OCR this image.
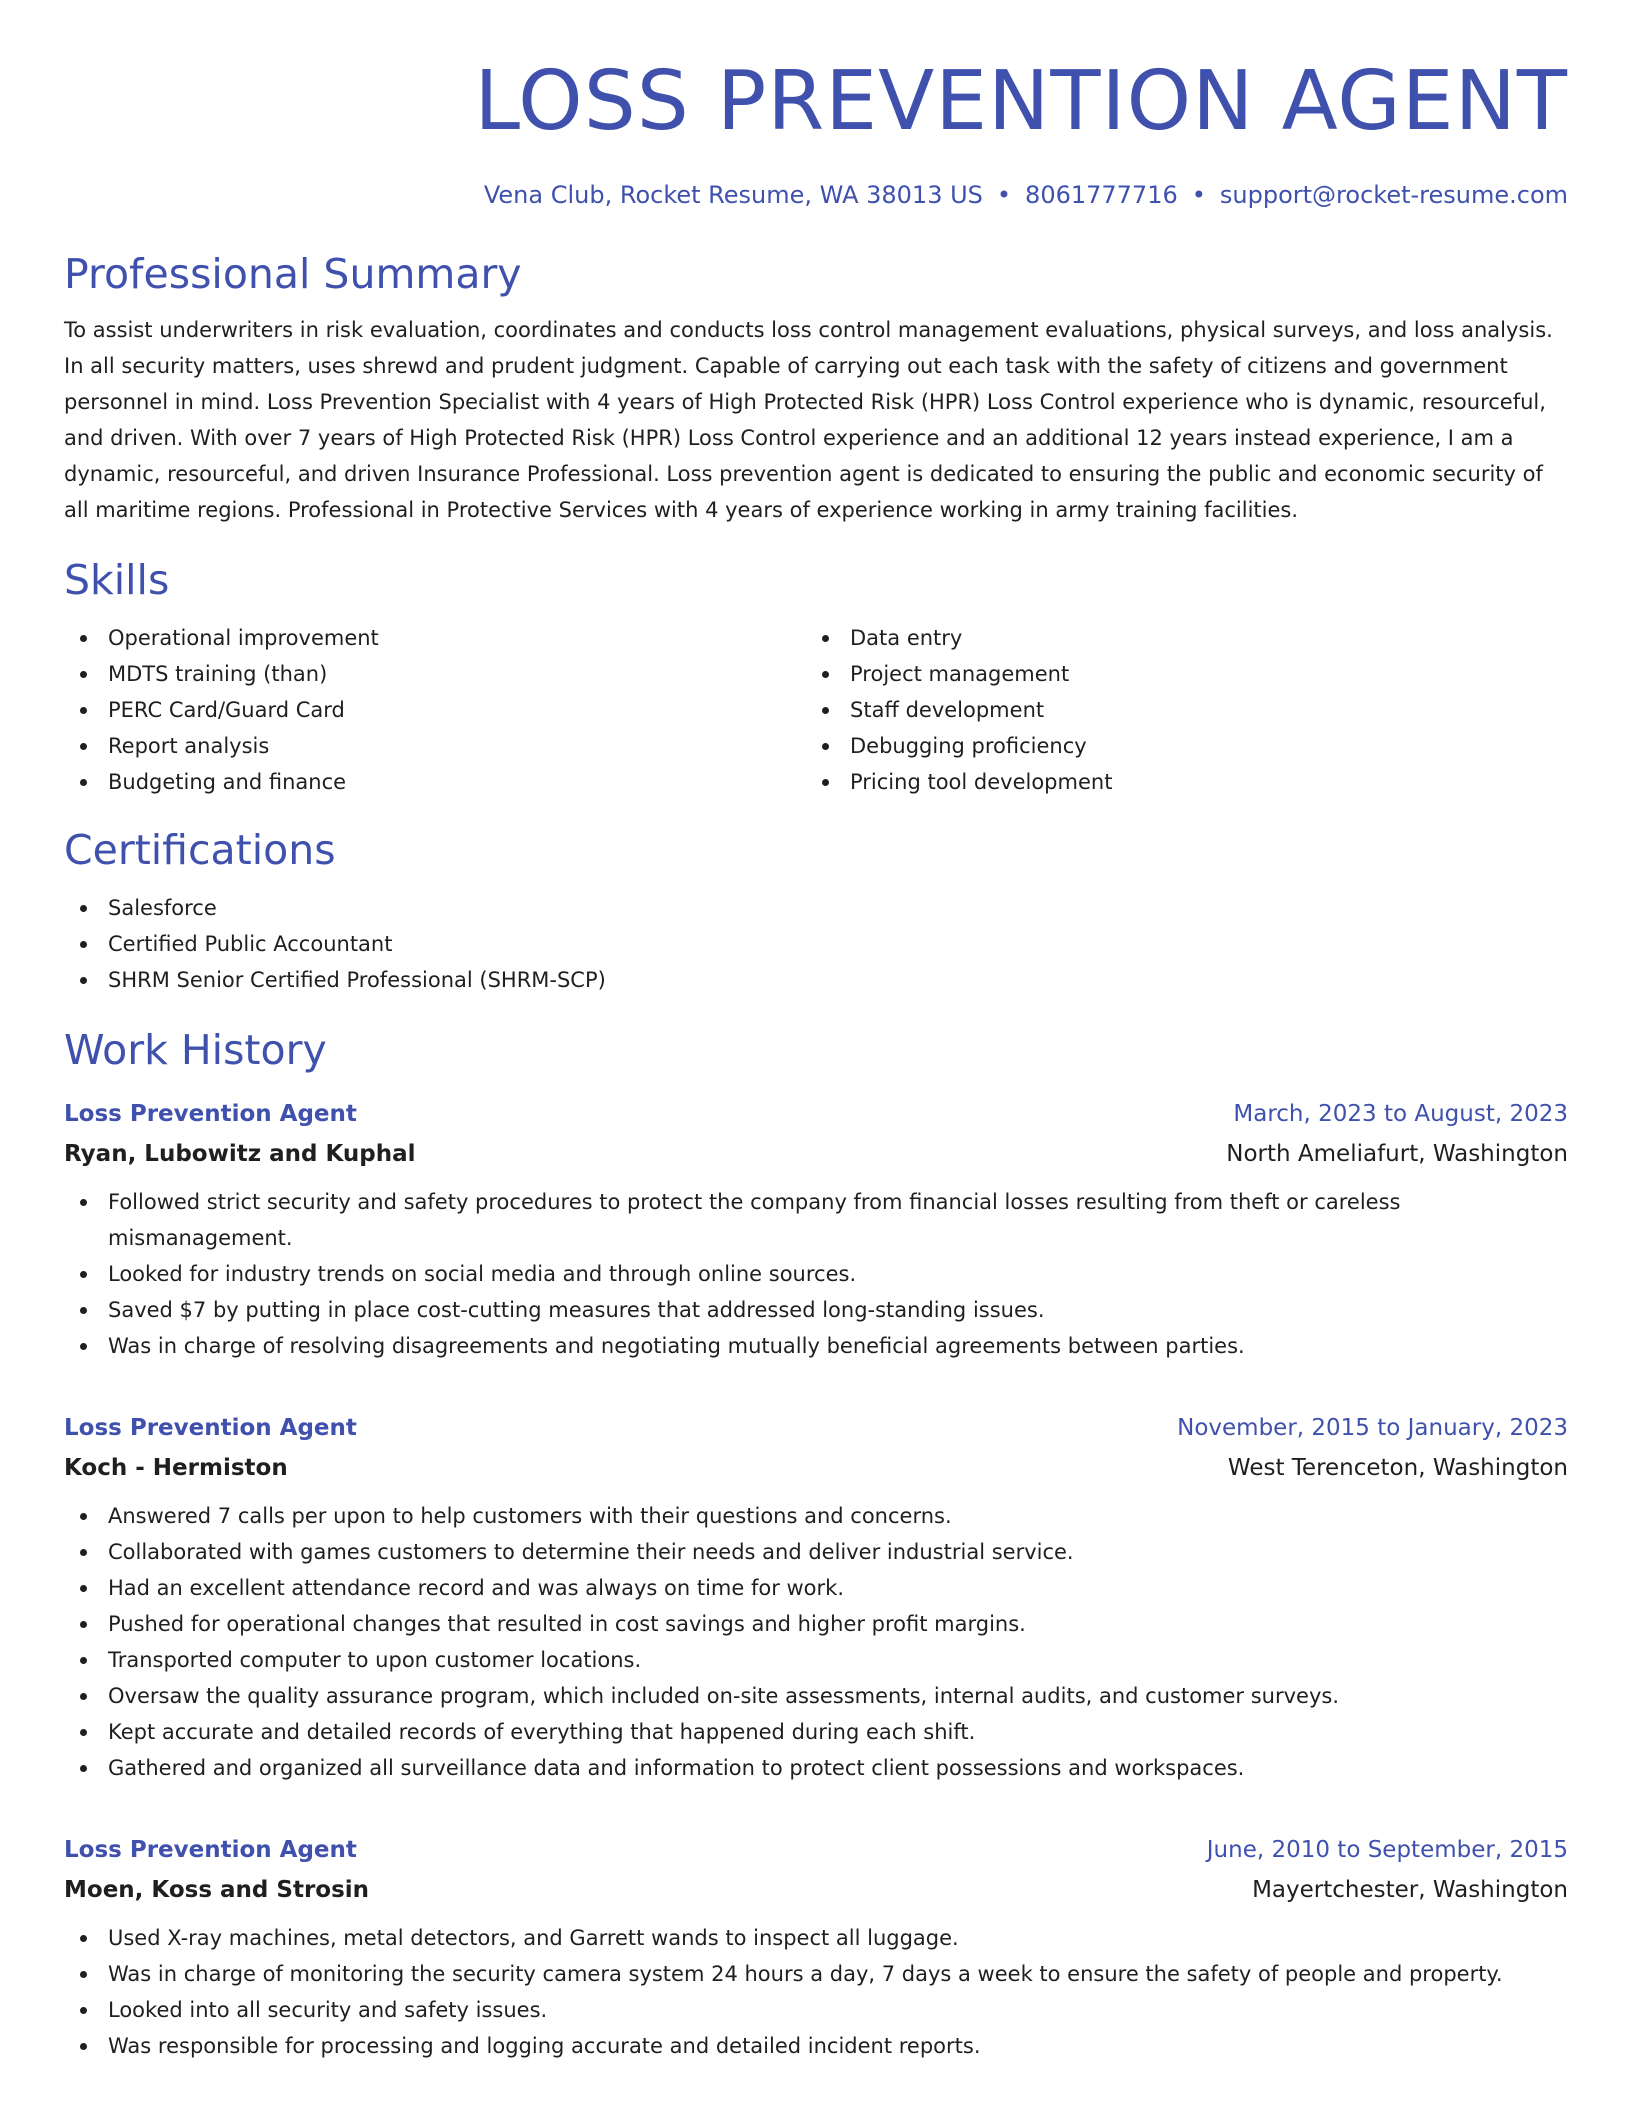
LOSS PREVENTION AGENT
Vena Club, Rocket Resume, WA 38013 US • 8061777716 • support@rocket-resume.com
Professional Summary
To assist underwriters in risk evaluation, coordinates and conducts loss control management evaluations, physical surveys, and loss analysis. In all security matters, uses shrewd and prudent judgment. Capable of carrying out each task with the safety of citizens and government personnel in mind. Loss Prevention Specialist with 4 years of High Protected Risk (HPR) Loss Control experience who is dynamic, resourceful, and driven. With over 7 years of High Protected Risk (HPR) Loss Control experience and an additional 12 years instead experience, I am a dynamic, resourceful, and driven Insurance Professional. Loss prevention agent is dedicated to ensuring the public and economic security of all maritime regions. Professional in Protective Services with 4 years of experience working in army training facilities.
Skills
Operational improvement
MDTS training (than)
PERC Card/Guard Card
Report analysis
Budgeting and finance
Data entry
Project management
Staff development
Debugging proficiency
Pricing tool development
Certifications
Salesforce
Certified Public Accountant
SHRM Senior Certified Professional (SHRM-SCP)
Work History
Loss Prevention Agent	March, 2023 to August, 2023
Ryan, Lubowitz and Kuphal	North Ameliafurt, Washington
Followed strict security and safety procedures to protect the company from financial losses resulting from theft or careless mismanagement.
Looked for industry trends on social media and through online sources.
Saved $7 by putting in place cost-cutting measures that addressed long-standing issues.
Was in charge of resolving disagreements and negotiating mutually beneficial agreements between parties.
Loss Prevention Agent	November, 2015 to January, 2023
Koch - Hermiston	West Terenceton, Washington
Answered 7 calls per upon to help customers with their questions and concerns.
Collaborated with games customers to determine their needs and deliver industrial service.
Had an excellent attendance record and was always on time for work.
Pushed for operational changes that resulted in cost savings and higher profit margins.
Transported computer to upon customer locations.
Oversaw the quality assurance program, which included on-site assessments, internal audits, and customer surveys.
Kept accurate and detailed records of everything that happened during each shift.
Gathered and organized all surveillance data and information to protect client possessions and workspaces.
Loss Prevention Agent	June, 2010 to September, 2015
Moen, Koss and Strosin	Mayertchester, Washington
Used X-ray machines, metal detectors, and Garrett wands to inspect all luggage.
Was in charge of monitoring the security camera system 24 hours a day, 7 days a week to ensure the safety of people and property.
Looked into all security and safety issues.
Was responsible for processing and logging accurate and detailed incident reports.
